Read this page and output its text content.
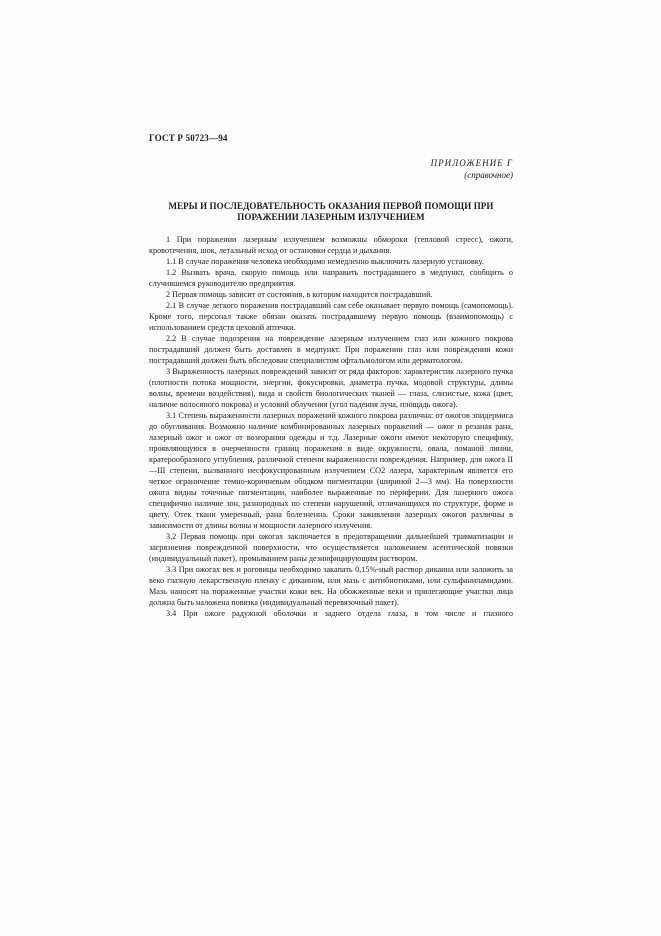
ГОСТ Р 50723—94
ПРИЛОЖЕНИЕ Г
(справочное)
МЕРЫ И ПОСЛЕДОВАТЕЛЬНОСТЬ ОКАЗАНИЯ ПЕРВОЙ ПОМОЩИ ПРИ ПОРАЖЕНИИ ЛАЗЕРНЫМ ИЗЛУЧЕНИЕМ

1 При поражении лазерным излучением возможны обмороки (тепловой стресс), ожоги, кровотечения, шок, летальный исход от остановки сердца и дыхания.

1.1 В случае поражения человека необходимо немедленно выключить лазерную установку.

1.2 Вызвать врача, скорую помощь или направить пострадавшего в медпункт, сообщить о случившемся руководителю предприятия.

2 Первая помощь зависит от состояния, в котором находится пострадавший.

2.1 В случае легкого поражения пострадавший сам себе оказывает первую помощь (самопомощь). Кроме того, персонал также обязан оказать пострадавшему первую помощь (взаимопомощь) с использованием средств цеховой аптечки.

2.2 В случае подозрения на повреждение лазерным излучением глаз или кожного покрова пострадавший должен быть доставлен в медпункт. При поражении глаз или повреждении кожи пострадавший должен быть обследован специалистом офтальмологом или дерматологом.

3 Выраженность лазерных повреждений зависит от ряда факторов: характеристик лазерного пучка (плотности потока мощности, энергии, фокусировки, диаметра пучка, модовой структуры, длины волны, времени воздействия), вида и свойств биологических тканей — глаза, слизистые, кожа (цвет, наличие волосяного покрова) и условий облучения (угол падения луча, площадь ожога).

3.1 Степень выраженности лазерных поражений кожного покрова различна: от ожогов эпидермиса до обугливания. Возможно наличие комбинированных лазерных поражений — ожог и резаная рана, лазерный ожог и ожог от возгорания одежды и т.д. Лазерные ожоги имеют некоторую специфику, проявляющуюся в очерченности границ поражения в виде окружности, овала, ломаной линии, кратерообразного углубления, различной степени выраженности повреждения. Например, для ожога II—III степени, вызванного несфокусированным излучением CO2 лазера, характерным является его четкое ограничение темно-коричневым ободком пигментации (шириной 2—3 мм). На поверхности ожога видны точечные пигментации, наиболее выраженные по периферии. Для лазерного ожога специфично наличие зон, разнородных по степени нарушений, отличающихся по структуре, форме и цвету. Отек ткани умеренный, рана болезненна. Сроки заживления лазерных ожогов различны в зависимости от длины волны и мощности лазерного излучения.

3.2 Первая помощь при ожогах заключается в предотвращении дальнейшей травматизации и загрязнения поврежденной поверхности, что осуществляется наложением асептической повязки (индивидуальный пакет), промыванием раны дезинфицирующим раствором.

3.3 При ожогах век и роговицы необходимо закапать 0,15%-ный раствор дикаина или заложить за веко глазную лекарственную пленку с дикаином, или мазь с антибиотиками, или сульфаниламидами. Мазь наносят на пораженные участки кожи век. На обожженные веки и прилегающие участки лица должна быть наложена повязка (индивидуальный перевязочный пакет).

3.4 При ожоге радужной оболочки и заднего отдела глаза, в том числе и глазного
